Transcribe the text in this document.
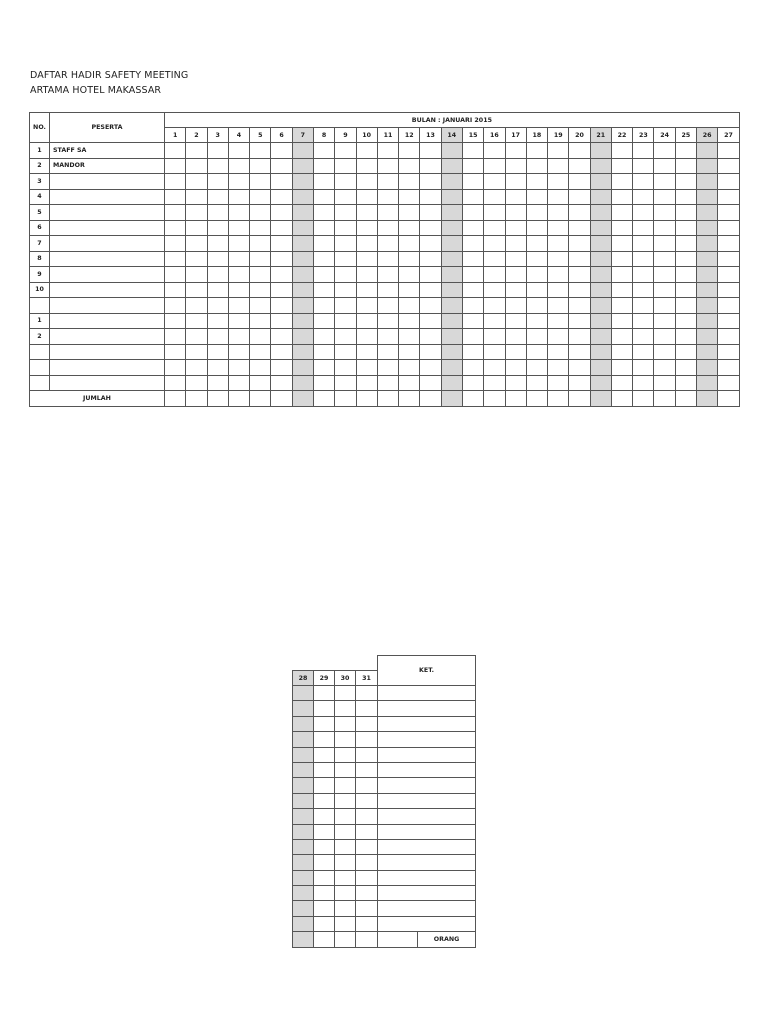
DAFTAR HADIR SAFETY MEETING
ARTAMA HOTEL MAKASSAR
NO.	PESERTA	BULAN : JANUARI 2015																										
		1	2	3	4	5	6	7	8	9	10	11	12	13	14	15	16	17	18	19	20	21	22	23	24	25	26	27
1	STAFF SA																											
2	MANDOR																											
3																												
4																												
5																												
6																												
7																												
8																												
9																												
10																												

1																												
2																												

JUMLAH																												
				KET.	
28	29	30	31		

					ORANG
